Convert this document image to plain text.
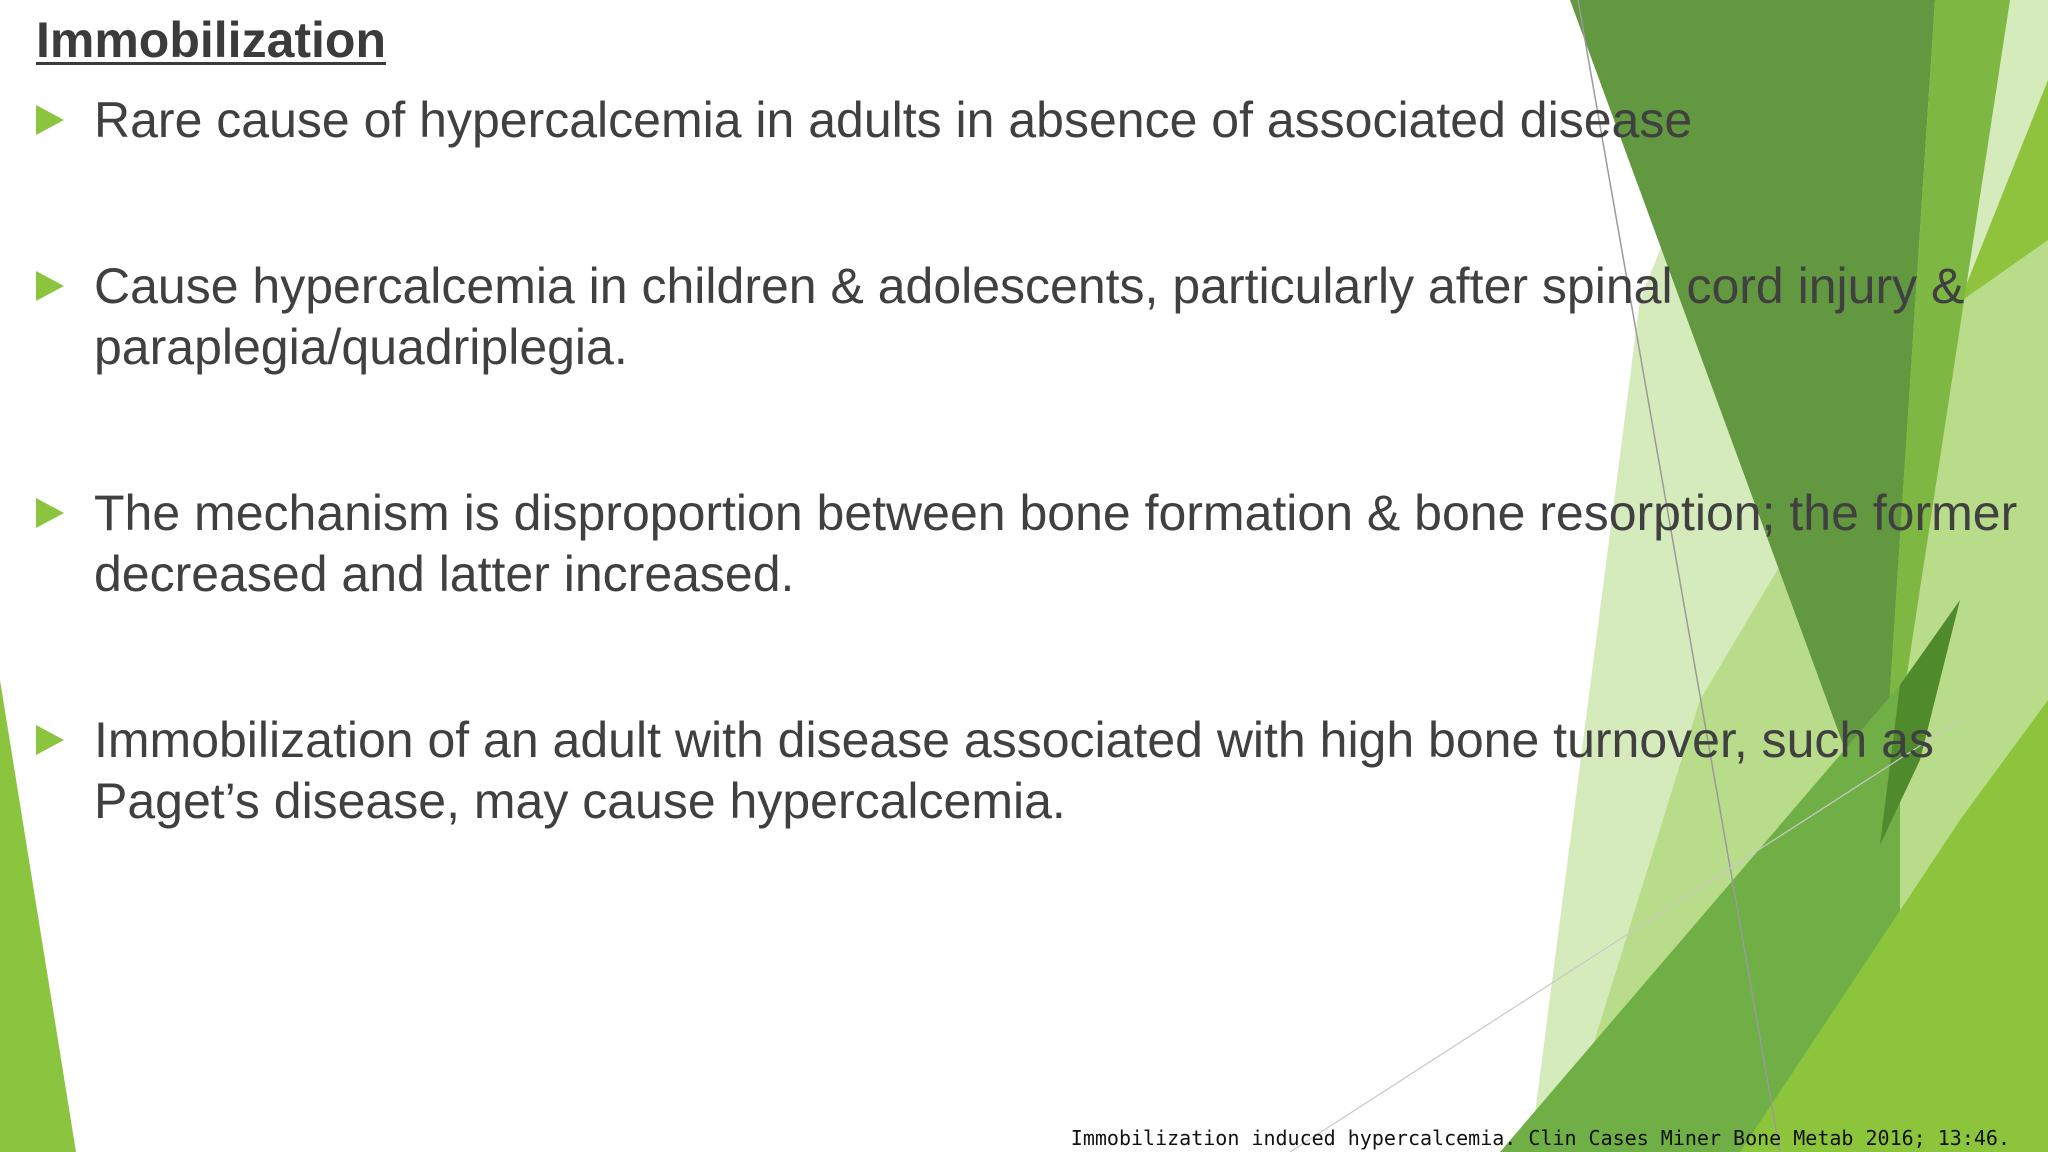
Immobilization
Rare cause of hypercalcemia in adults in absence of associated disease
Cause hypercalcemia in children & adolescents, particularly after spinal cord injury & paraplegia/quadriplegia.
The mechanism is disproportion between bone formation & bone resorption; the former decreased and latter increased.
Immobilization of an adult with disease associated with high bone turnover, such as Paget’s disease, may cause hypercalcemia.
Immobilization induced hypercalcemia. Clin Cases Miner Bone Metab 2016; 13:46.
